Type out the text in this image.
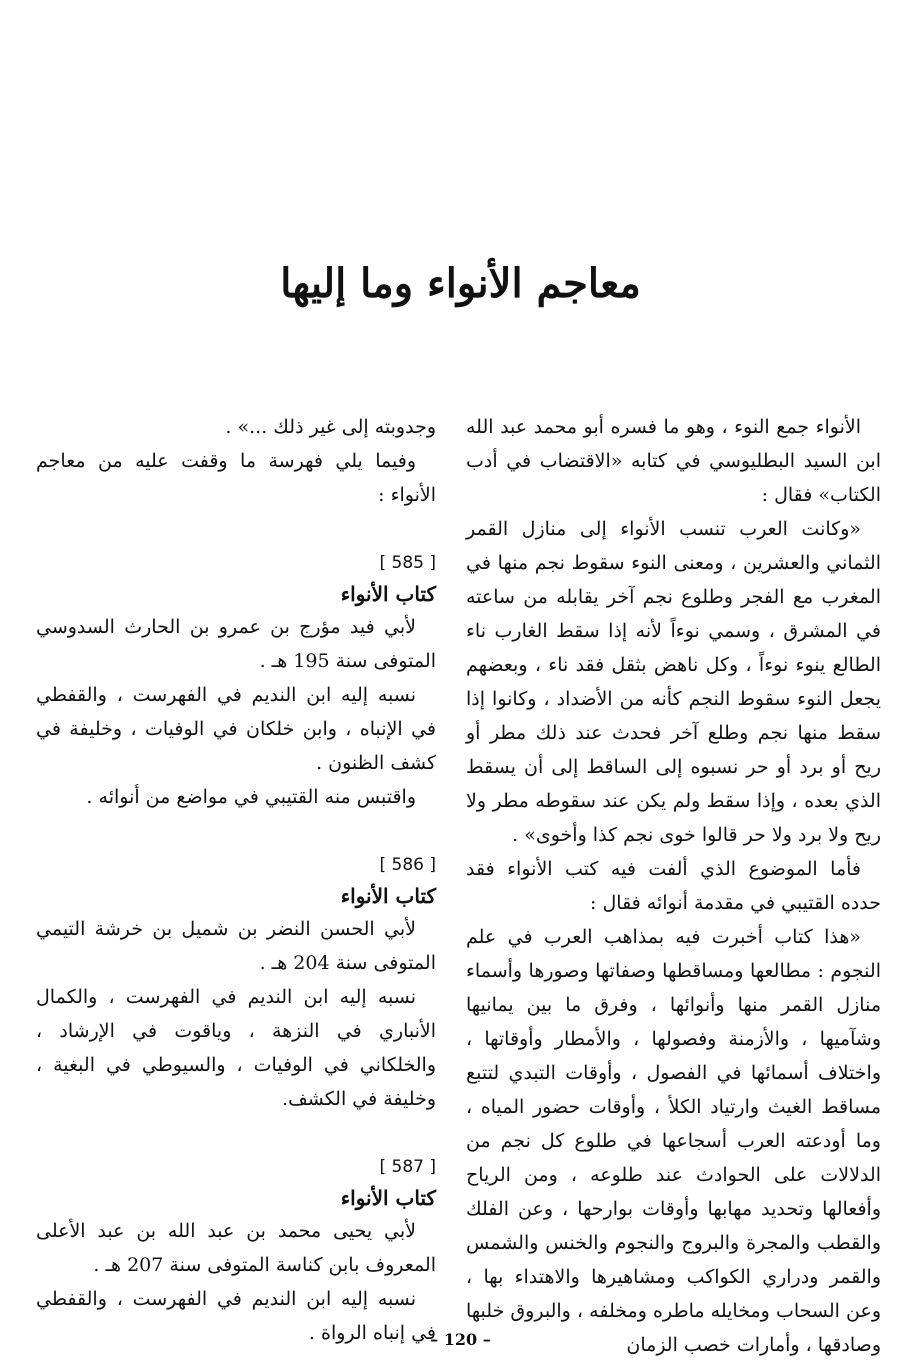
معاجم الأنواء وما إليها

الأنواء جمع النوء ، وهو ما فسره أبو محمد عبد الله ابن السيد البطليوسي في كتابه «الاقتضاب في أدب الكتاب» فقال :

«وكانت العرب تنسب الأنواء إلى منازل القمر الثماني والعشرين ، ومعنى النوء سقوط نجم منها في المغرب مع الفجر وطلوع نجم آخر يقابله من ساعته في المشرق ، وسمي نوءاً لأنه إذا سقط الغارب ناء الطالع ينوء نوءاً ، وكل ناهض بثقل فقد ناء ، وبعضهم يجعل النوء سقوط النجم كأنه من الأضداد ، وكانوا إذا سقط منها نجم وطلع آخر فحدث عند ذلك مطر أو ريح أو برد أو حر نسبوه إلى الساقط إلى أن يسقط الذي بعده ، وإذا سقط ولم يكن عند سقوطه مطر ولا ريح ولا برد ولا حر قالوا خوى نجم كذا وأخوى» .

فأما الموضوع الذي ألفت فيه كتب الأنواء فقد حدده القتيبي في مقدمة أنوائه فقال :

«هذا كتاب أخبرت فيه بمذاهب العرب في علم النجوم : مطالعها ومساقطها وصفاتها وصورها وأسماء منازل القمر منها وأنوائها ، وفرق ما بين يمانيها وشآميها ، والأزمنة وفصولها ، والأمطار وأوقاتها ، واختلاف أسمائها في الفصول ، وأوقات التبدي لتتبع مساقط الغيث وارتياد الكلأ ، وأوقات حضور المياه ، وما أودعته العرب أسجاعها في طلوع كل نجم من الدلالات على الحوادث عند طلوعه ، ومن الرياح وأفعالها وتحديد مهابها وأوقات بوارحها ، وعن الفلك والقطب والمجرة والبروج والنجوم والخنس والشمس والقمر ودراري الكواكب ومشاهيرها والاهتداء بها ، وعن السحاب ومخايله ماطره ومخلفه ، والبروق خلبها وصادقها ، وأمارات خصب الزمان

وجدوبته إلى غير ذلك ...» .

وفيما يلي فهرسة ما وقفت عليه من معاجم الأنواء :

[ 585 ]

كتاب الأنواء

لأبي فيد مؤرج بن عمرو بن الحارث السدوسي المتوفى سنة 195 هـ .

نسبه إليه ابن النديم في الفهرست ، والقفطي في الإنباه ، وابن خلكان في الوفيات ، وخليفة في كشف الظنون .

واقتبس منه القتيبي في مواضع من أنوائه .

[ 586 ]

كتاب الأنواء

لأبي الحسن النضر بن شميل بن خرشة التيمي المتوفى سنة 204 هـ .

نسبه إليه ابن النديم في الفهرست ، والكمال الأنباري في النزهة ، وياقوت في الإرشاد ، والخلكاني في الوفيات ، والسيوطي في البغية ، وخليفة في الكشف.

[ 587 ]

كتاب الأنواء

لأبي يحيى محمد بن عبد الله بن عبد الأعلى المعروف بابن كناسة المتوفى سنة 207 هـ .

نسبه إليه ابن النديم في الفهرست ، والقفطي في إنباه الرواة .

– 120 –
